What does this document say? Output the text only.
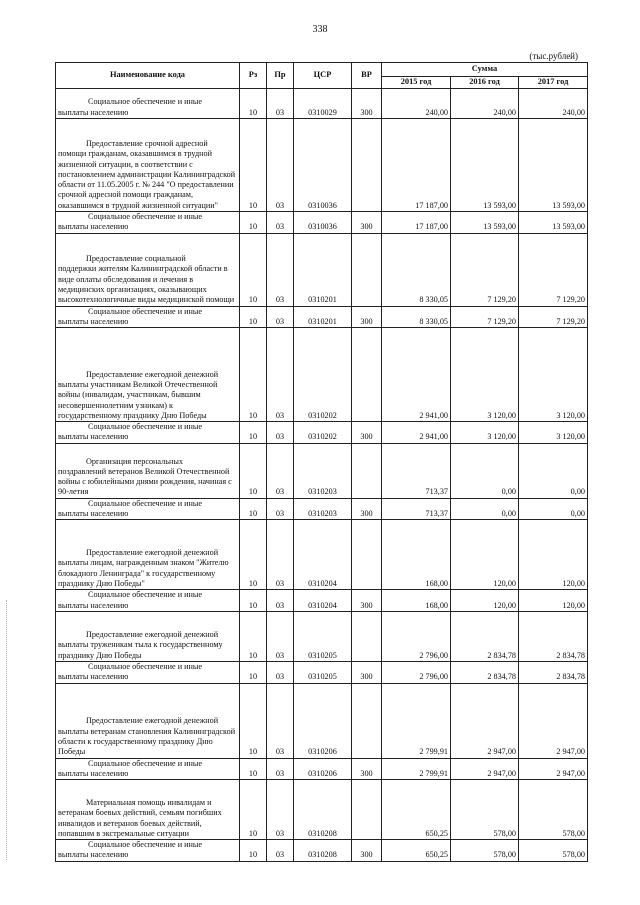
338
(тыс.рублей)
Наименование кода	Рз	Пр	ЦСР	ВР	Сумма		
					2015 год	2016 год	2017 год

Социальное обеспечение и иные
выплаты населению	10	03	0310029	300	240,00	240,00	240,00

Предоставление срочной адресной
помощи гражданам, оказавшимся в трудной жизненной ситуации, в соответствии с постановлением администрации Калининградской области от 11.05.2005 г. № 244 "О предоставлении срочной адресной помощи гражданам, оказавшимся в трудной жизненной ситуации"	10	03	0310036		17 187,00	13 593,00	13 593,00

Социальное обеспечение и иные
выплаты населению	10	03	0310036	300	17 187,00	13 593,00	13 593,00

Предоставление социальной
поддержки жителям Калининградской области в виде оплаты обследования и лечения в медицинских организациях, оказывающих высокотехнологичные виды медицинской помощи	10	03	0310201		8 330,05	7 129,20	7 129,20

Социальное обеспечение и иные
выплаты населению	10	03	0310201	300	8 330,05	7 129,20	7 129,20

Предоставление ежегодной денежной
выплаты участникам Великой Отечественной войны (инвалидам, участникам, бывшим несовершеннолетним узникам) к государственному празднику Дню Победы	10	03	0310202		2 941,00	3 120,00	3 120,00

Социальное обеспечение и иные
выплаты населению	10	03	0310202	300	2 941,00	3 120,00	3 120,00

Организация персональных
поздравлений ветеранов Великой Отечественной войны с юбилейными днями рождения, начиная с 90-летия	10	03	0310203		713,37	0,00	0,00

Социальное обеспечение и иные
выплаты населению	10	03	0310203	300	713,37	0,00	0,00

Предоставление ежегодной денежной
выплаты лицам, награжденным знаком "Жителю блокадного Ленинграда" к государственному празднику Дню Победы"	10	03	0310204		168,00	120,00	120,00

Социальное обеспечение и иные
выплаты населению	10	03	0310204	300	168,00	120,00	120,00

Предоставление ежегодной денежной
выплаты труженикам тыла к государственному празднику Дню Победы	10	03	0310205		2 796,00	2 834,78	2 834,78

Социальное обеспечение и иные
выплаты населению	10	03	0310205	300	2 796,00	2 834,78	2 834,78

Предоставление ежегодной денежной
выплаты ветеранам становления Калининградской области к государственному празднику Дню Победы	10	03	0310206		2 799,91	2 947,00	2 947,00

Социальное обеспечение и иные
выплаты населению	10	03	0310206	300	2 799,91	2 947,00	2 947,00

Материальная помощь инвалидам и
ветеранам боевых действий, семьям погибших инвалидов и ветеранов боевых действий, попавшим в экстремальные ситуации	10	03	0310208		650,25	578,00	578,00

Социальное обеспечение и иные
выплаты населению	10	03	0310208	300	650,25	578,00	578,00
